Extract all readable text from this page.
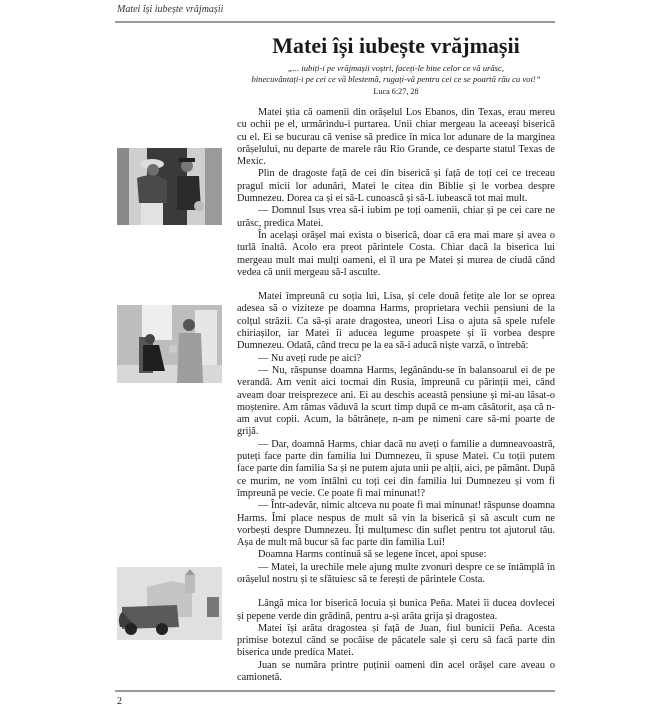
Matei își iubește vrăjmașii
Matei își iubește vrăjmașii
„... iubiți-i pe vrăjmașii voștri, faceți-le bine celor ce vă urăsc,
binecuvântați-i pe cei ce vă blestemă, rugați-vă pentru cei ce se poartă rău cu voi!”
Luca 6:27, 28

Matei știa că oamenii din orășelul Los Ebanos, din Texas, erau mereu cu ochii pe el, urmărindu-i purtarea. Unii chiar mergeau la aceeași biserică cu el. Ei se bucurau că venise să predice în mica lor adunare de la marginea orășelului, nu departe de marele râu Rio Grande, ce desparte statul Texas de Mexic.

Plin de dragoste față de cei din biserică și față de toți cei ce treceau pragul micii lor adunări, Matei le citea din Biblie și le vorbea despre Dumnezeu. Dorea ca și ei să-L cunoască și să-L iubească tot mai mult.

— Domnul Isus vrea să-i iubim pe toți oamenii, chiar și pe cei care ne urăsc, predica Matei.

În același orășel mai exista o biserică, doar că era mai mare și avea o turlă înaltă. Acolo era preot părintele Costa. Chiar dacă la biserica lui mergeau mult mai mulți oameni, el îl ura pe Matei și murea de ciudă când vedea că unii mergeau să-l asculte.

Matei împreună cu soția lui, Lisa, și cele două fetițe ale lor se oprea adesea să o viziteze pe doamna Harms, proprietara vechii pensiuni de la colțul străzii. Ca să-și arate dragostea, uneori Lisa o ajuta să spele rufele chiriașilor, iar Matei îi aducea legume proaspete și îi vorbea despre Dumnezeu. Odată, când trecu pe la ea să-i aducă niște varză, o întrebă:

— Nu aveți rude pe aici?

— Nu, răspunse doamna Harms, legănându-se în balansoarul ei de pe verandă. Am venit aici tocmai din Rusia, împreună cu părinții mei, când aveam doar treisprezece ani. Ei au deschis această pensiune și mi-au lăsat-o moștenire. Am rămas văduvă la scurt timp după ce m-am căsătorit, așa că n-am avut copii. Acum, la bătrânețe, n-am pe nimeni care să-mi poarte de grijă.

— Dar, doamnă Harms, chiar dacă nu aveți o familie a dumneavoastră, puteți face parte din familia lui Dumnezeu, îi spuse Matei. Cu toții putem face parte din familia Sa și ne putem ajuta unii pe alții, aici, pe pământ. După ce murim, ne vom întâlni cu toți cei din familia lui Dumnezeu și vom fi împreună pe vecie. Ce poate fi mai minunat!?

— Într-adevăr, nimic altceva nu poate fi mai minunat! răspunse doamna Harms. Îmi place nespus de mult să vin la biserică și să ascult cum ne vorbești despre Dumnezeu. Îți mulțumesc din suflet pentru tot ajutorul tău. Așa de mult mă bucur să fac parte din familia Lui!

Doamna Harms continuă să se legene încet, apoi spuse:

— Matei, la urechile mele ajung multe zvonuri despre ce se întâmplă în orășelul nostru și te sfătuiesc să te ferești de părintele Costa.

Lângă mica lor biserică locuia și bunica Peña. Matei îi ducea dovlecei și pepene verde din grădină, pentru a-și arăta grija și dragostea.

Matei își arăta dragostea și față de Juan, fiul bunicii Peña. Acesta primise botezul când se pocăise de păcatele sale și ceru să facă parte din biserica unde predica Matei.

Juan se număra printre puținii oameni din acel orășel care aveau o camionetă.

2
